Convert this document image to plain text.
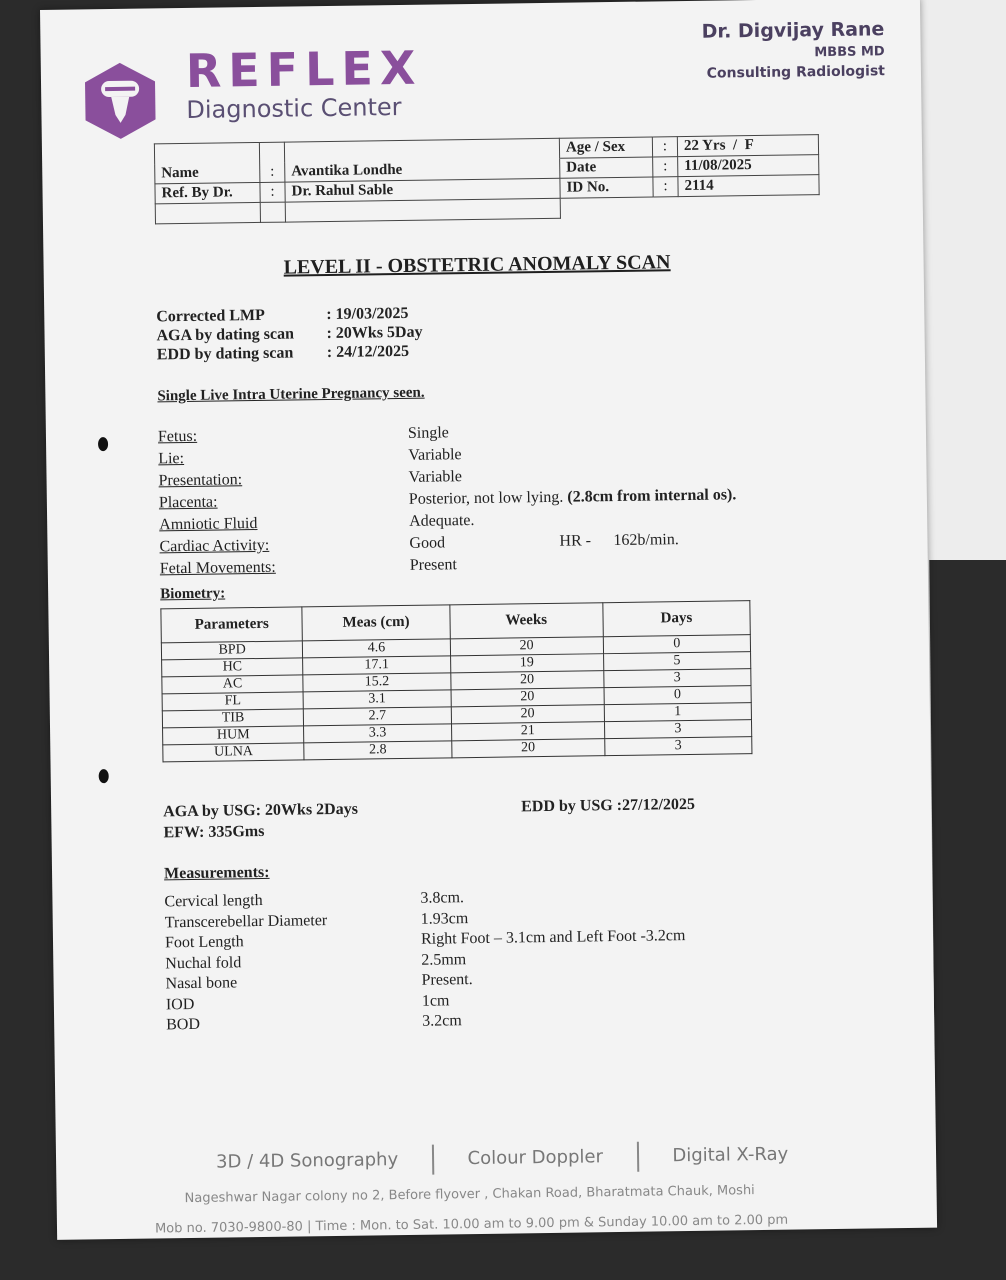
REFLEX
Diagnostic Center
Dr. Digvijay Rane
MBBS MD
Consulting Radiologist
			Age / Sex	:	22 Yrs / F
Name	:	Avantika Londhe	Date	:	11/08/2025
Ref. By Dr.	:	Dr. Rahul Sable	ID No.	:	2114

LEVEL II - OBSTETRIC ANOMALY SCAN
Corrected LMP	: 19/03/2025
AGA by dating scan : 20Wks 5Day
EDD by dating scan : 24/12/2025
Single Live Intra Uterine Pregnancy seen.
Fetus:	Single
Lie:	Variable
Presentation:	Variable
Placenta:	Posterior, not low lying. (2.8cm from internal os).
Amniotic Fluid	Adequate.
Cardiac Activity:	Good	HR - 162b/min.
Fetal Movements:	Present
Biometry:
Parameters	Meas (cm)	Weeks	Days
BPD	4.6	20	0
HC	17.1	19	5
AC	15.2	20	3
FL	3.1	20	0
TIB	2.7	20	1
HUM	3.3	21	3
ULNA	2.8	20	3
AGA by USG: 20Wks 2Days
EFW: 335Gms
EDD by USG :27/12/2025
Measurements:
Cervical length	3.8cm.
Transcerebellar Diameter	1.93cm
Foot Length	Right Foot – 3.1cm and Left Foot -3.2cm
Nuchal fold	2.5mm
Nasal bone	Present.
IOD	1cm
BOD	3.2cm
3D / 4D Sonography	Colour Doppler	Digital X-Ray
Nageshwar Nagar colony no 2, Before flyover , Chakan Road, Bharatmata Chauk, Moshi
Mob no. 7030-9800-80 | Time : Mon. to Sat. 10.00 am to 9.00 pm & Sunday 10.00 am to 2.00 pm
